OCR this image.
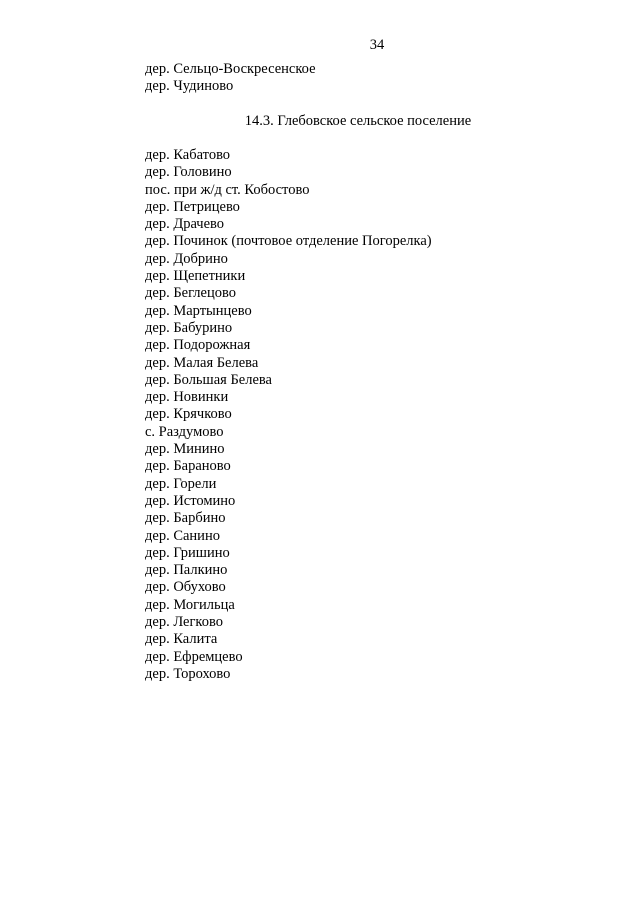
34
дер. Сельцо-Воскресенское
дер. Чудиново
14.3. Глебовское сельское поселение
дер. Кабатово
дер. Головино
пос. при ж/д ст. Кобостово
дер. Петрицево
дер. Драчево
дер. Починок (почтовое отделение Погорелка)
дер. Добрино
дер. Щепетники
дер. Беглецово
дер. Мартынцево
дер. Бабурино
дер. Подорожная
дер. Малая Белева
дер. Большая Белева
дер. Новинки
дер. Крячково
с. Раздумово
дер. Минино
дер. Бараново
дер. Горели
дер. Истомино
дер. Барбино
дер. Санино
дер. Гришино
дер. Палкино
дер. Обухово
дер. Могильца
дер. Легково
дер. Калита
дер. Ефремцево
дер. Торохово
